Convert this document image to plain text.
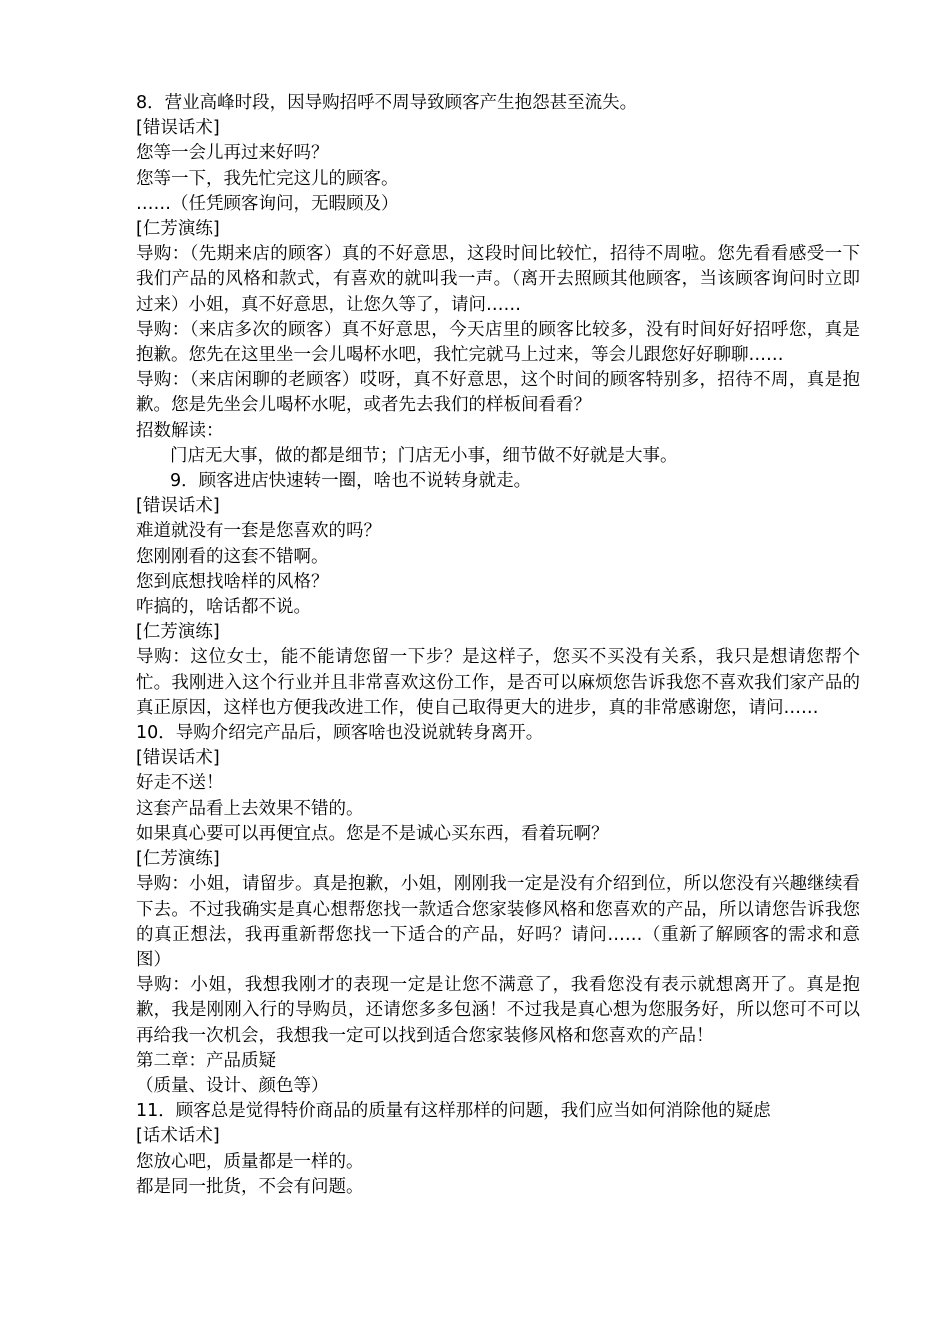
8．营业高峰时段，因导购招呼不周导致顾客产生抱怨甚至流失。
[错误话术]
您等一会儿再过来好吗？
您等一下，我先忙完这儿的顾客。
……（任凭顾客询问，无暇顾及）
[仁芳演练]
导购：（先期来店的顾客）真的不好意思，这段时间比较忙，招待不周啦。您先看看感受一下我们产品的风格和款式，有喜欢的就叫我一声。（离开去照顾其他顾客，当该顾客询问时立即过来）小姐，真不好意思，让您久等了，请问……
导购：（来店多次的顾客）真不好意思，今天店里的顾客比较多，没有时间好好招呼您，真是抱歉。您先在这里坐一会儿喝杯水吧，我忙完就马上过来，等会儿跟您好好聊聊……
导购：（来店闲聊的老顾客）哎呀，真不好意思，这个时间的顾客特别多，招待不周，真是抱歉。您是先坐会儿喝杯水呢，或者先去我们的样板间看看？
招数解读：
门店无大事，做的都是细节；门店无小事，细节做不好就是大事。
9．顾客进店快速转一圈，啥也不说转身就走。
[错误话术]
难道就没有一套是您喜欢的吗？
您刚刚看的这套不错啊。
您到底想找啥样的风格？
咋搞的，啥话都不说。
[仁芳演练]
导购：这位女士，能不能请您留一下步？是这样子，您买不买没有关系，我只是想请您帮个忙。我刚进入这个行业并且非常喜欢这份工作，是否可以麻烦您告诉我您不喜欢我们家产品的真正原因，这样也方便我改进工作，使自己取得更大的进步，真的非常感谢您，请问……
10．导购介绍完产品后，顾客啥也没说就转身离开。
[错误话术]
好走不送！
这套产品看上去效果不错的。
如果真心要可以再便宜点。您是不是诚心买东西，看着玩啊？
[仁芳演练]
导购：小姐，请留步。真是抱歉，小姐，刚刚我一定是没有介绍到位，所以您没有兴趣继续看下去。不过我确实是真心想帮您找一款适合您家装修风格和您喜欢的产品，所以请您告诉我您的真正想法，我再重新帮您找一下适合的产品，好吗？请问……（重新了解顾客的需求和意图）
导购：小姐，我想我刚才的表现一定是让您不满意了，我看您没有表示就想离开了。真是抱歉，我是刚刚入行的导购员，还请您多多包涵！不过我是真心想为您服务好，所以您可不可以再给我一次机会，我想我一定可以找到适合您家装修风格和您喜欢的产品！
第二章：产品质疑
（质量、设计、颜色等）
11．顾客总是觉得特价商品的质量有这样那样的问题，我们应当如何消除他的疑虑
[话术话术]
您放心吧，质量都是一样的。
都是同一批货，不会有问题。
